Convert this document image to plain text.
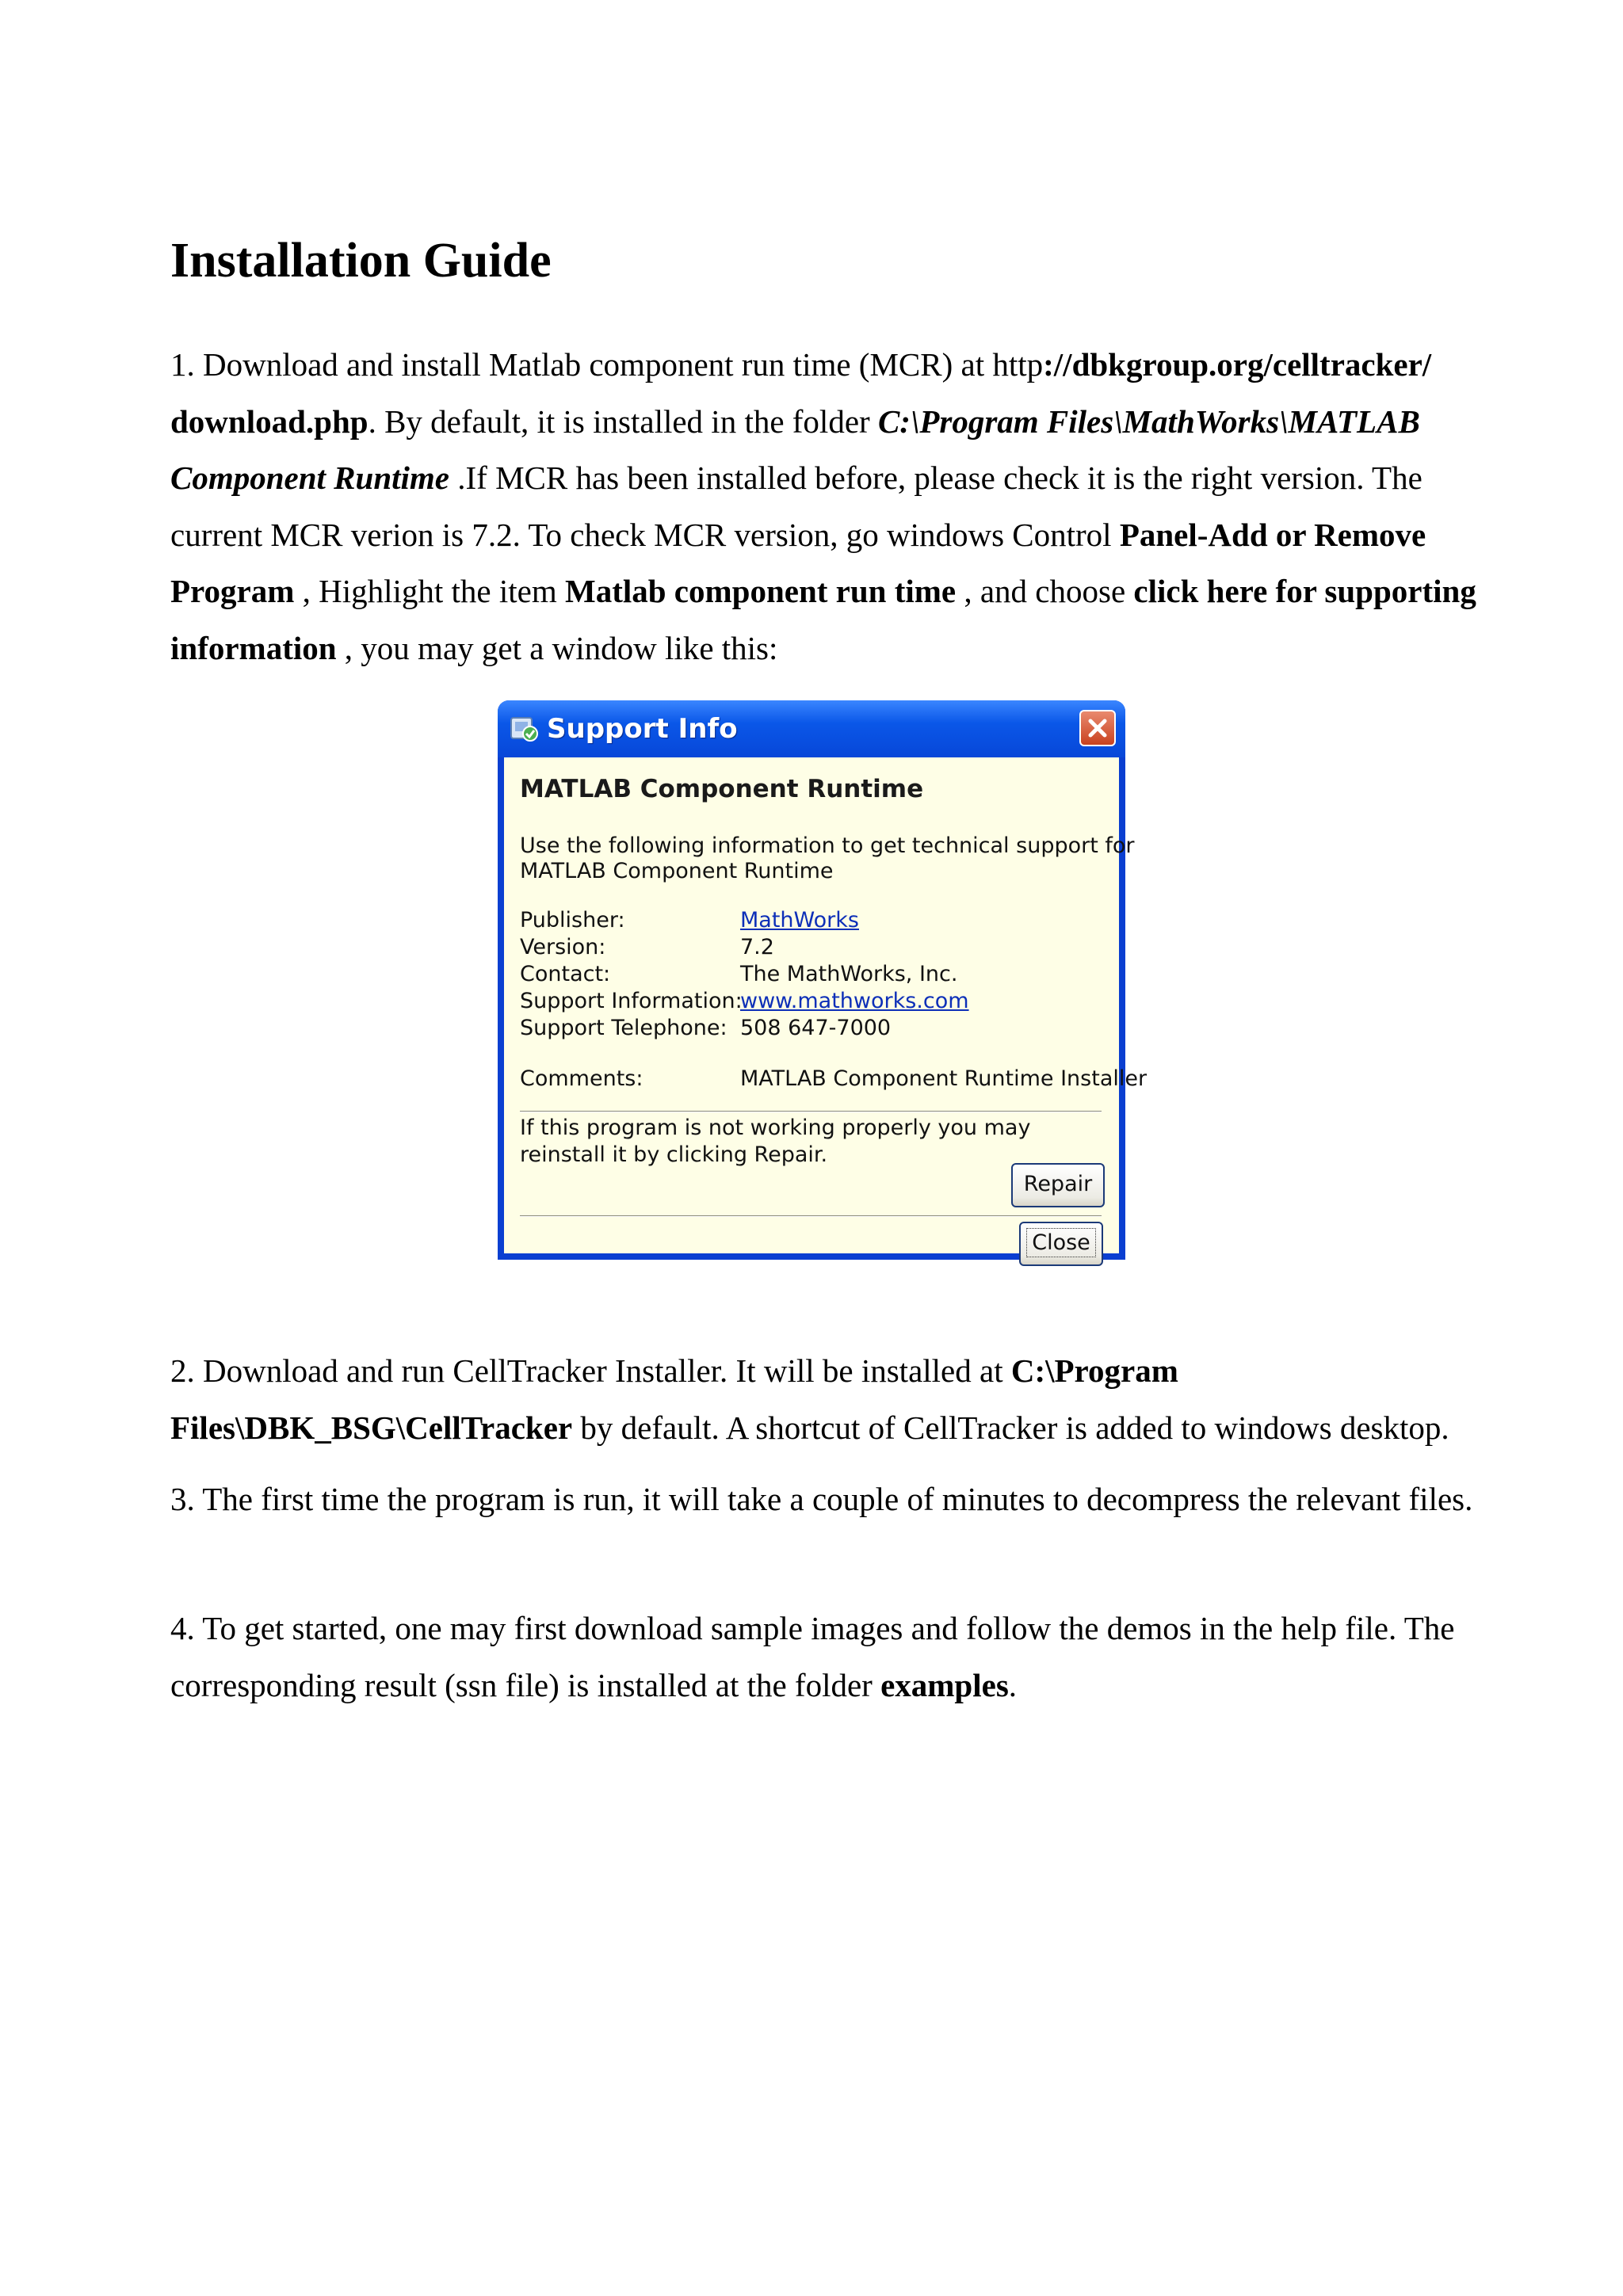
Installation Guide

1. Download and install Matlab component run time (MCR) at http://dbkgroup.org/celltracker/ download.php. By default, it is installed in the folder C:\Program Files\MathWorks\MATLAB Component Runtime .If MCR has been installed before, please check it is the right version. The current MCR verion is 7.2. To check MCR version, go windows Control Panel-Add or Remove Program , Highlight the item Matlab component run time , and choose click here for supporting information , you may get a window like this:

Support Info
MATLAB Component Runtime
Use the following information to get technical support for
MATLAB Component Runtime
Publisher:	MathWorks
Version:	7.2
Contact:	The MathWorks, Inc.
Support Information:
www.mathworks.com
Support Telephone: 508 647-7000
Comments:	MATLAB Component Runtime Installer
If this program is not working properly you may
reinstall it by clicking Repair.
Repair
Close

2. Download and run CellTracker Installer. It will be installed at C:\Program Files\DBK_BSG\CellTracker by default. A shortcut of CellTracker is added to windows desktop.

3. The first time the program is run, it will take a couple of minutes to decompress the relevant files.

4. To get started, one may first download sample images and follow the demos in the help file. The corresponding result (ssn file) is installed at the folder examples.
